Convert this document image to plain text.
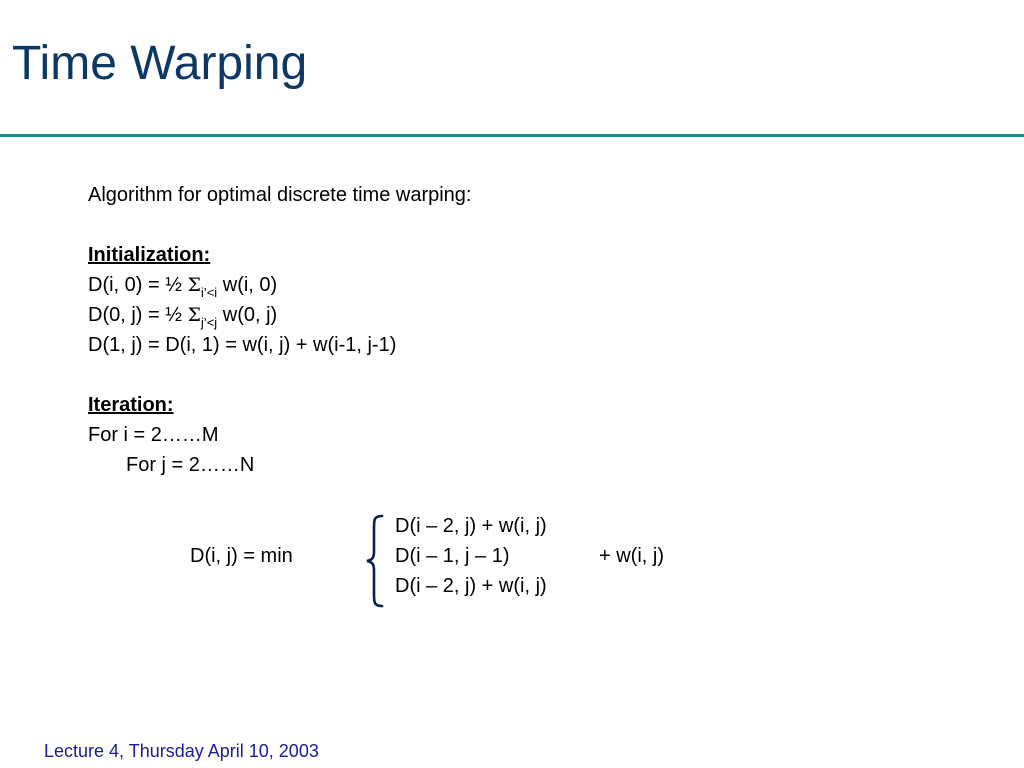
Time Warping
Algorithm for optimal discrete time warping:
Initialization:
D(i, 0) = ½ $\Sigma_{i’<i}$ w(i, 0)
D(0, j) = ½ $\Sigma_{j’<j}$ w(0, j)
D(1, j) = D(i, 1) = w(i, j) + w(i-1, j-1)
Iteration:
For i = 2……M
For j = 2……N
D(i, j) = min
D(i – 2, j) + w(i, j)
D(i – 1, j – 1)	+ w(i, j)
D(i – 2, j) + w(i, j)
Lecture 4, Thursday April 10, 2003
